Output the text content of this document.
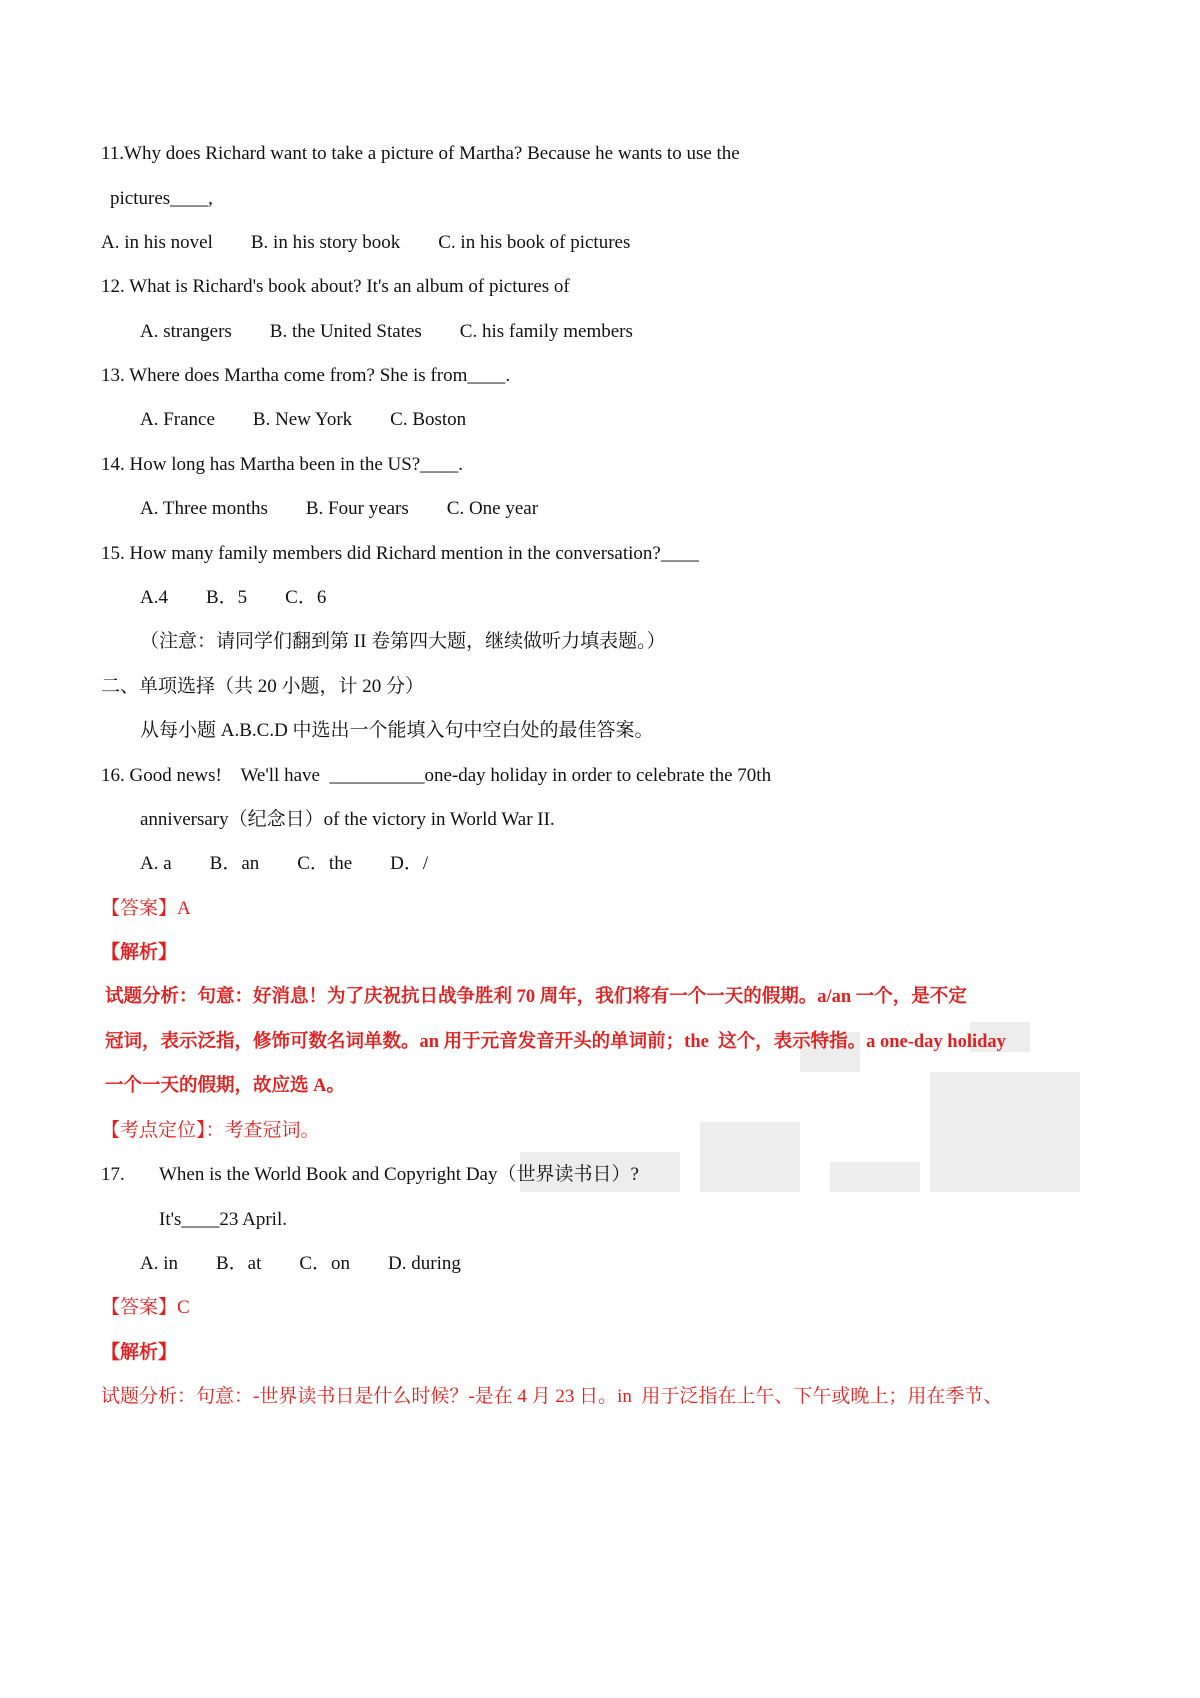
11.Why does Richard want to take a picture of Martha? Because he wants to use the
pictures____,
A. in his novel        B. in his story book        C. in his book of pictures
12. What is Richard's book about? It's an album of pictures of
A. strangers        B. the United States        C. his family members
13. Where does Martha come from? She is from____.
A. France        B. New York        C. Boston
14. How long has Martha been in the US?____.
A. Three months        B. Four years        C. One year
15. How many family members did Richard mention in the conversation?____
A.4        B．5        C．6
（注意：请同学们翻到第 II 卷第四大题，继续做听力填表题。）
二、单项选择（共 20 小题，计 20 分）
从每小题 A.B.C.D 中选出一个能填入句中空白处的最佳答案。
16. Good news!    We'll have  __________one-day holiday in order to celebrate the 70th
anniversary（纪念日）of the victory in World War II.
A. a        B．an        C．the        D．/
【答案】A
【解析】
试题分析：句意：好消息！为了庆祝抗日战争胜利 70 周年，我们将有一个一天的假期。a/an 一个，是不定
冠词，表示泛指，修饰可数名词单数。an 用于元音发音开头的单词前；the  这个，表示特指。a one-day holiday
一个一天的假期，故应选 A。
【考点定位】：考查冠词。
17. When is the World Book and Copyright Day（世界读书日）?
It's____23 April.
A. in        B．at        C．on        D. during
【答案】C
【解析】
试题分析：句意：-世界读书日是什么时候？-是在 4 月 23 日。in  用于泛指在上午、下午或晚上；用在季节、
